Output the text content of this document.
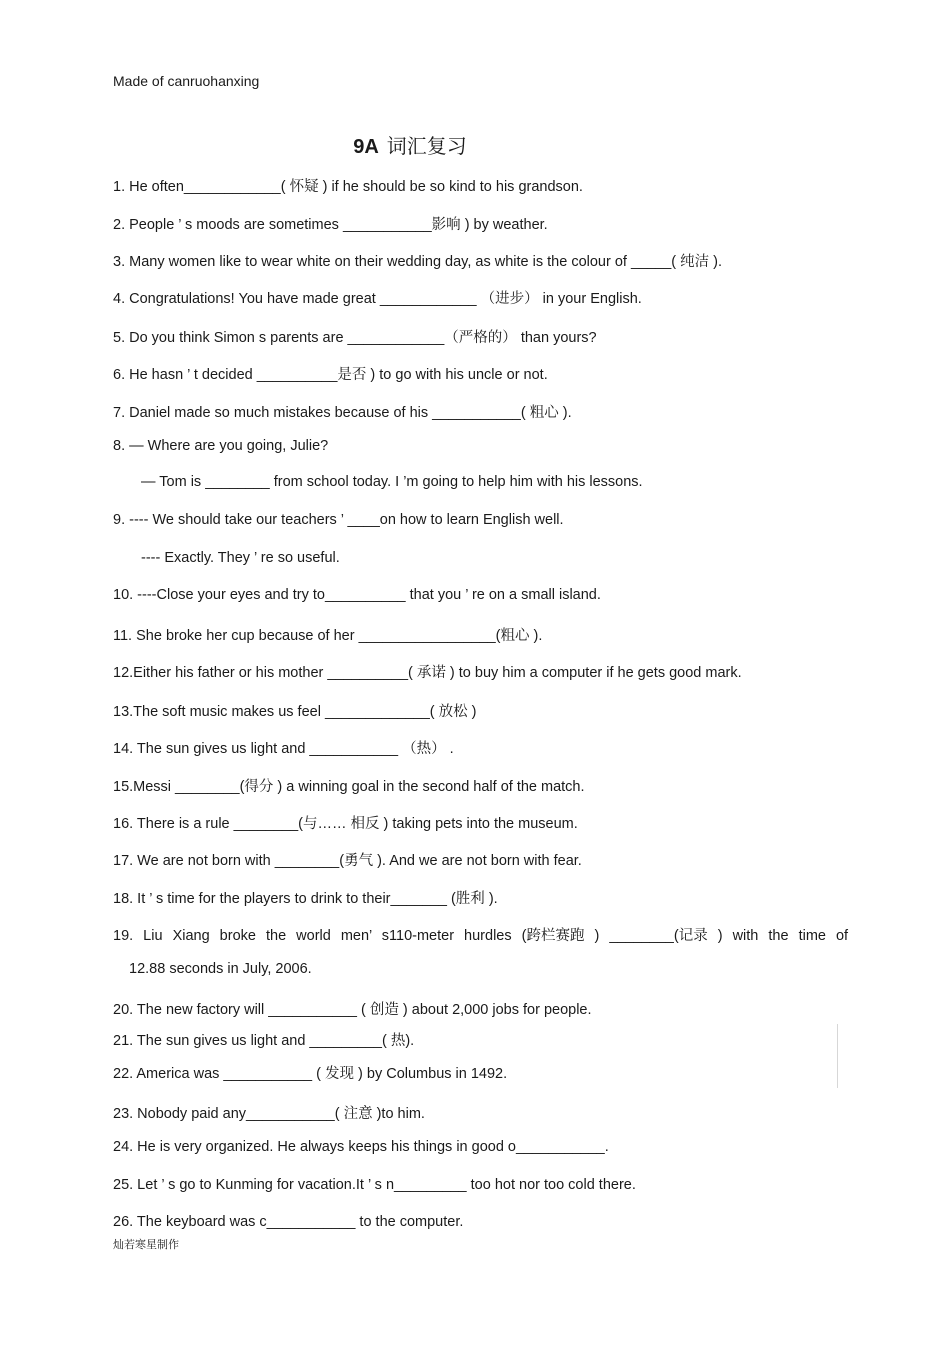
Made of canruohanxing
9A 词汇复习
1. He often____________( 怀疑 ) if he should be so kind to his grandson.
2. People ’ s moods are sometimes ___________影响 ) by weather.
3. Many women like to wear white on their wedding day, as white is the colour of _____( 纯洁 ).
4. Congratulations! You have made great ____________ （进步） in your English.
5. Do you think Simon s parents are ____________（严格的） than yours?
6. He hasn ’ t decided __________是否 ) to go with his uncle or not.
7. Daniel made so much mistakes because of his ___________( 粗心 ).
8. — Where are you going, Julie?
— Tom is ________ from school today. I ’m going to help him with his lessons.
9. ---- We should take our teachers ’ ____on how to learn English well.
---- Exactly. They ’ re so useful.
10. ----Close your eyes and try to__________ that you ’ re on a small island.
11. She broke her cup because of her _________________(粗心 ).
12.Either his father or his mother __________( 承诺 ) to buy him a computer if he gets good mark.
13.The soft music makes us feel _____________( 放松 )
14. The sun gives us light and ___________ （热） .
15.Messi ________(得分 ) a winning goal in the second half of the match.
16. There is a rule ________(与…… 相反 ) taking pets into the museum.
17. We are not born with ________(勇气 ). And we are not born with fear.
18. It ’ s time for the players to drink to their_______ (胜利 ).
19. Liu Xiang broke the world men’ s110-meter hurdles (跨栏赛跑 ) ________(记录 ) with the time of
12.88 seconds in July, 2006.
20. The new factory will ___________ ( 创造 ) about 2,000 jobs for people.
21. The sun gives us light and _________( 热).
22. America was ___________ ( 发现 ) by Columbus in 1492.
23. Nobody paid any___________( 注意 )to him.
24. He is very organized. He always keeps his things in good o___________.
25. Let ’ s go to Kunming for vacation.It ’ s n_________ too hot nor too cold there.
26. The keyboard was c___________ to the computer.
灿若寒星制作
